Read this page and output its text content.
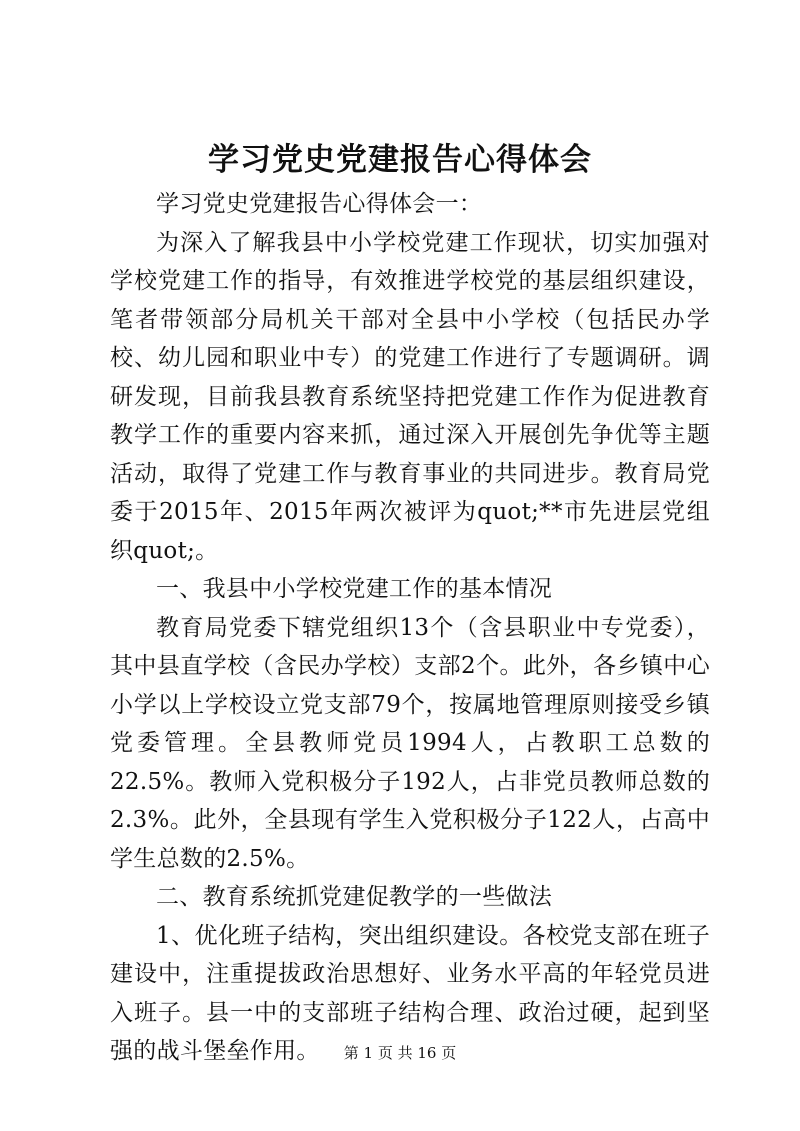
学习党史党建报告心得体会

学习党史党建报告心得体会一：

为深入了解我县中小学校党建工作现状，切实加强对学校党建工作的指导，有效推进学校党的基层组织建设，笔者带领部分局机关干部对全县中小学校（包括民办学校、幼儿园和职业中专）的党建工作进行了专题调研。调研发现，目前我县教育系统坚持把党建工作作为促进教育教学工作的重要内容来抓，通过深入开展创先争优等主题活动，取得了党建工作与教育事业的共同进步。教育局党委于2015年、2015年两次被评为quot;**市先进层党组织quot;。

一、我县中小学校党建工作的基本情况

教育局党委下辖党组织13个（含县职业中专党委），其中县直学校（含民办学校）支部2个。此外，各乡镇中心小学以上学校设立党支部79个，按属地管理原则接受乡镇党委管理。全县教师党员1994人，占教职工总数的22.5%。教师入党积极分子192人，占非党员教师总数的2.3%。此外，全县现有学生入党积极分子122人，占高中学生总数的2.5%。

二、教育系统抓党建促教学的一些做法

1、优化班子结构，突出组织建设。各校党支部在班子建设中，注重提拔政治思想好、业务水平高的年轻党员进入班子。县一中的支部班子结构合理、政治过硬，起到坚强的战斗堡垒作用。	第 1 页 共 16 页
